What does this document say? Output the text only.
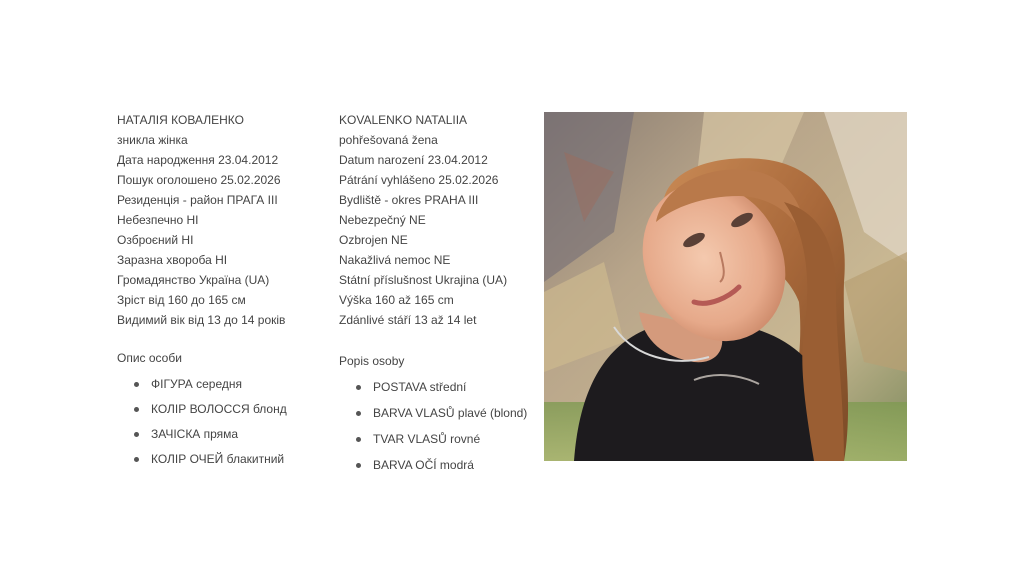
НАТАЛІЯ КОВАЛЕНКО
зникла жінка
Дата народження 23.04.2012
Пошук оголошено 25.02.2026
Резиденція - район ПРАГА III
Небезпечно НІ
Озброєний НІ
Заразна хвороба НІ
Громадянство Україна (UA)
Зріст від 160 до 165 см
Видимий вік від 13 до 14 років
Опис особи
ФІГУРА середня
КОЛІР ВОЛОССЯ блонд
ЗАЧІСКА пряма
КОЛІР ОЧЕЙ блакитний
KOVALENKO NATALIIA
pohřešovaná žena
Datum narození 23.04.2012
Pátrání vyhlášeno 25.02.2026
Bydliště - okres PRAHA III
Nebezpečný NE
Ozbrojen NE
Nakažlivá nemoc NE
Státní příslušnost Ukrajina (UA)
Výška 160 až 165 cm
Zdánlivé stáří 13 až 14 let
Popis osoby
POSTAVA střední
BARVA VLASŮ plavé (blond)
TVAR VLASŮ rovné
BARVA OČÍ modrá
